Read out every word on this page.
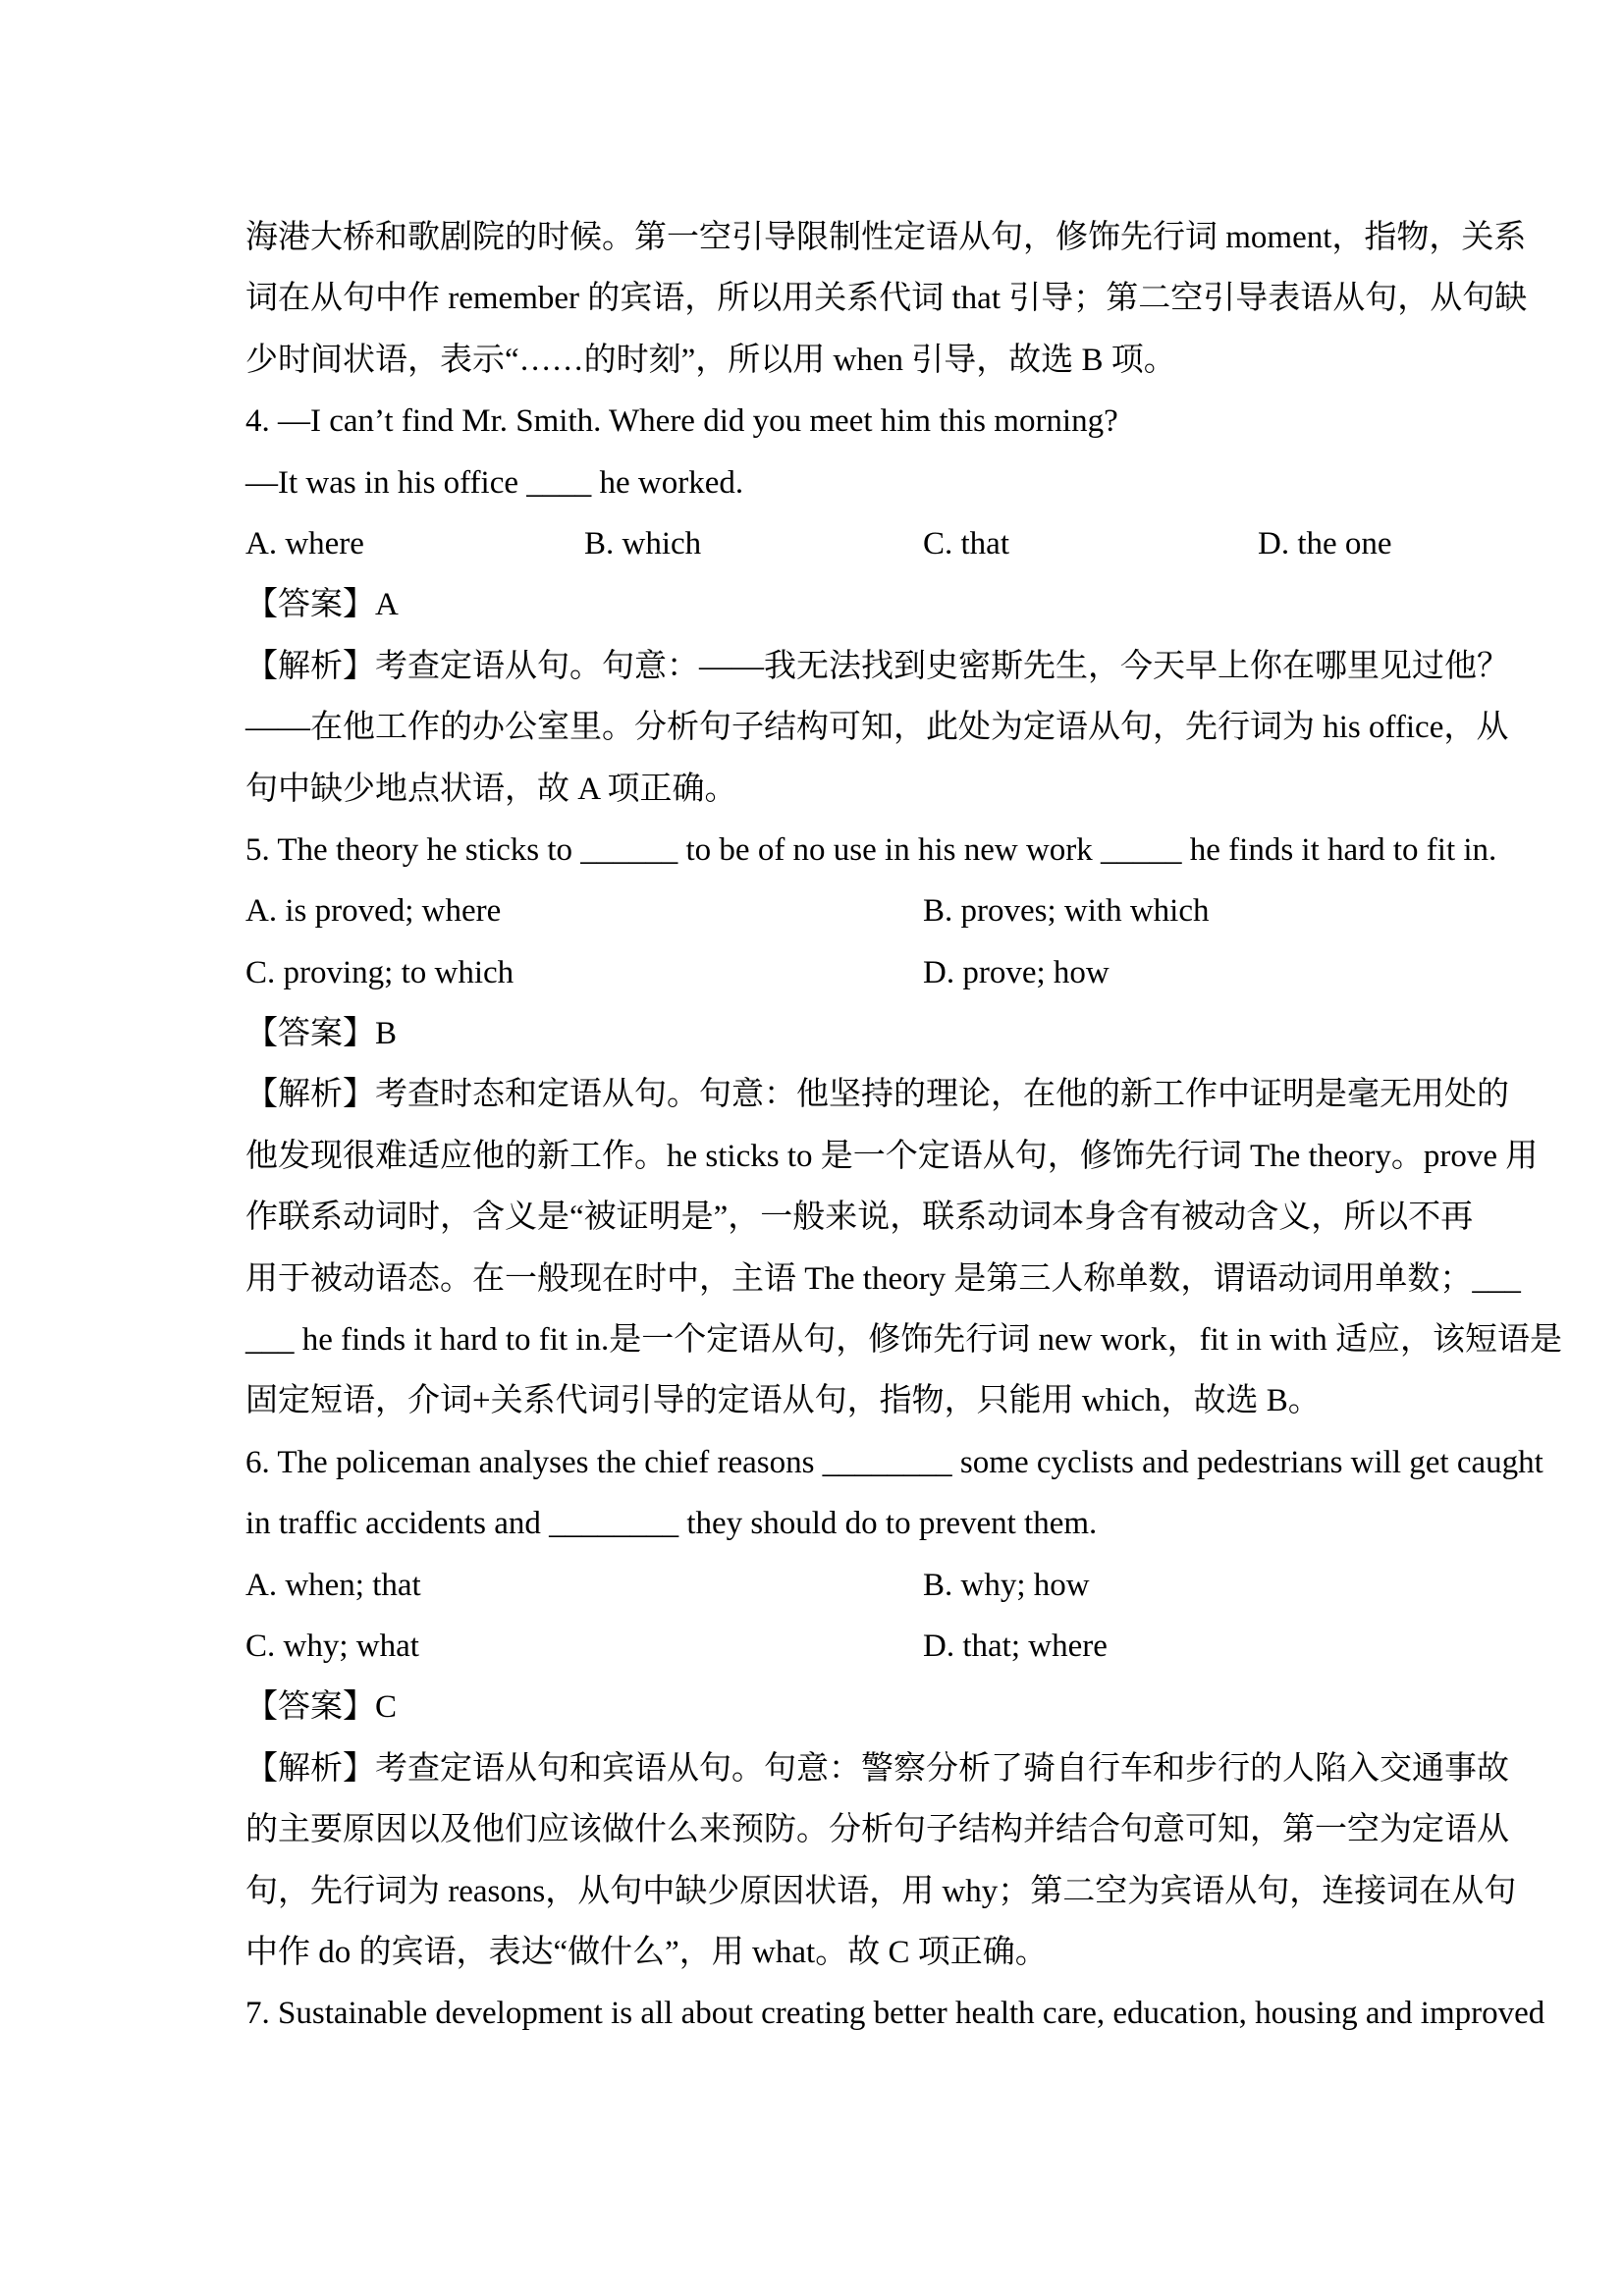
海港大桥和歌剧院的时候。第一空引导限制性定语从句，修饰先行词 moment，指物，关系
词在从句中作 remember 的宾语，所以用关系代词 that 引导；第二空引导表语从句，从句缺
少时间状语，表示“……的时刻”，所以用 when 引导，故选 B 项。
4. —I can’t find Mr. Smith. Where did you meet him this morning?
—It was in his office ____ he worked.
A. where	B. which	C. that	D. the one
【答案】A
【解析】考查定语从句。句意：——我无法找到史密斯先生，今天早上你在哪里见过他？
——在他工作的办公室里。分析句子结构可知，此处为定语从句，先行词为 his office，从
句中缺少地点状语，故 A 项正确。
5. The theory he sticks to ______ to be of no use in his new work _____ he finds it hard to fit in.
A. is proved; where	B. proves; with which
C. proving; to which	D. prove; how
【答案】B
【解析】考查时态和定语从句。句意：他坚持的理论，在他的新工作中证明是毫无用处的
他发现很难适应他的新工作。he sticks to 是一个定语从句，修饰先行词 The theory。prove 用
作联系动词时，含义是“被证明是”，一般来说，联系动词本身含有被动含义，所以不再
用于被动语态。在一般现在时中，主语 The theory 是第三人称单数，谓语动词用单数；___
___ he finds it hard to fit in.是一个定语从句，修饰先行词 new work，fit in with 适应，该短语是
固定短语，介词+关系代词引导的定语从句，指物，只能用 which，故选 B。
6. The policeman analyses the chief reasons ________ some cyclists and pedestrians will get caught
in traffic accidents and ________ they should do to prevent them.
A. when; that	B. why; how
C. why; what	D. that; where
【答案】C
【解析】考查定语从句和宾语从句。句意：警察分析了骑自行车和步行的人陷入交通事故
的主要原因以及他们应该做什么来预防。分析句子结构并结合句意可知，第一空为定语从
句，先行词为 reasons，从句中缺少原因状语，用 why；第二空为宾语从句，连接词在从句
中作 do 的宾语，表达“做什么”，用 what。故 C 项正确。
7. Sustainable development is all about creating better health care, education, housing and improved
